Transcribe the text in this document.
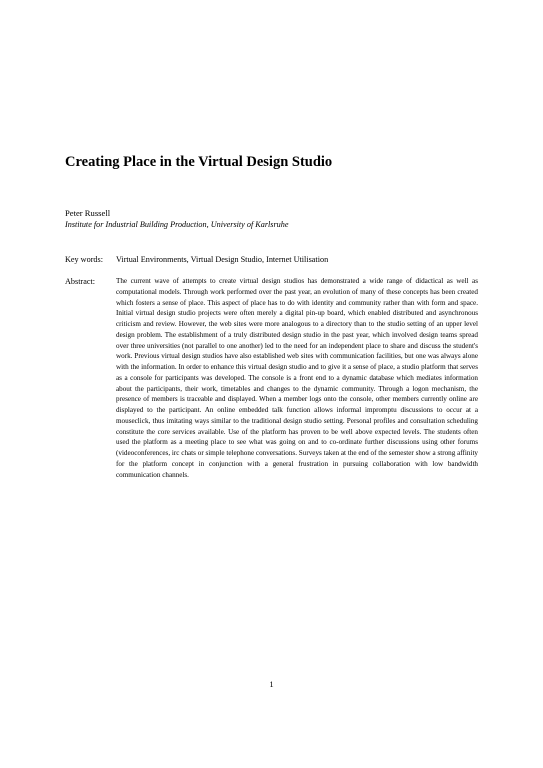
Creating Place in the Virtual Design Studio
Peter Russell
Institute for Industrial Building Production, University of Karlsruhe
Key words: Virtual Environments, Virtual Design Studio, Internet Utilisation
Abstract:	The current wave of attempts to create virtual design studios has demonstrated a wide range of didactical as well as computational models. Through work performed over the past year, an evolution of many of these concepts has been created which fosters a sense of place. This aspect of place has to do with identity and community rather than with form and space. Initial virtual design studio projects were often merely a digital pin-up board, which enabled distributed and asynchronous criticism and review. However, the web sites were more analogous to a directory than to the studio setting of an upper level design problem. The establishment of a truly distributed design studio in the past year, which involved design teams spread over three universities (not parallel to one another) led to the need for an independent place to share and discuss the student's work. Previous virtual design studios have also established web sites with communication facilities, but one was always alone with the information. In order to enhance this virtual design studio and to give it a sense of place, a studio platform that serves as a console for participants was developed. The console is a front end to a dynamic database which mediates information about the participants, their work, timetables and changes to the dynamic community. Through a logon mechanism, the presence of members is traceable and displayed. When a member logs onto the console, other members currently online are displayed to the participant. An online embedded talk function allows informal impromptu discussions to occur at a mouseclick, thus imitating ways similar to the traditional design studio setting. Personal profiles and consultation scheduling constitute the core services available. Use of the platform has proven to be well above expected levels. The students often used the platform as a meeting place to see what was going on and to co-ordinate further discussions using other forums (videoconferences, irc chats or simple telephone conversations. Surveys taken at the end of the semester show a strong affinity for the platform concept in conjunction with a general frustration in pursuing collaboration with low bandwidth communication channels.

1
